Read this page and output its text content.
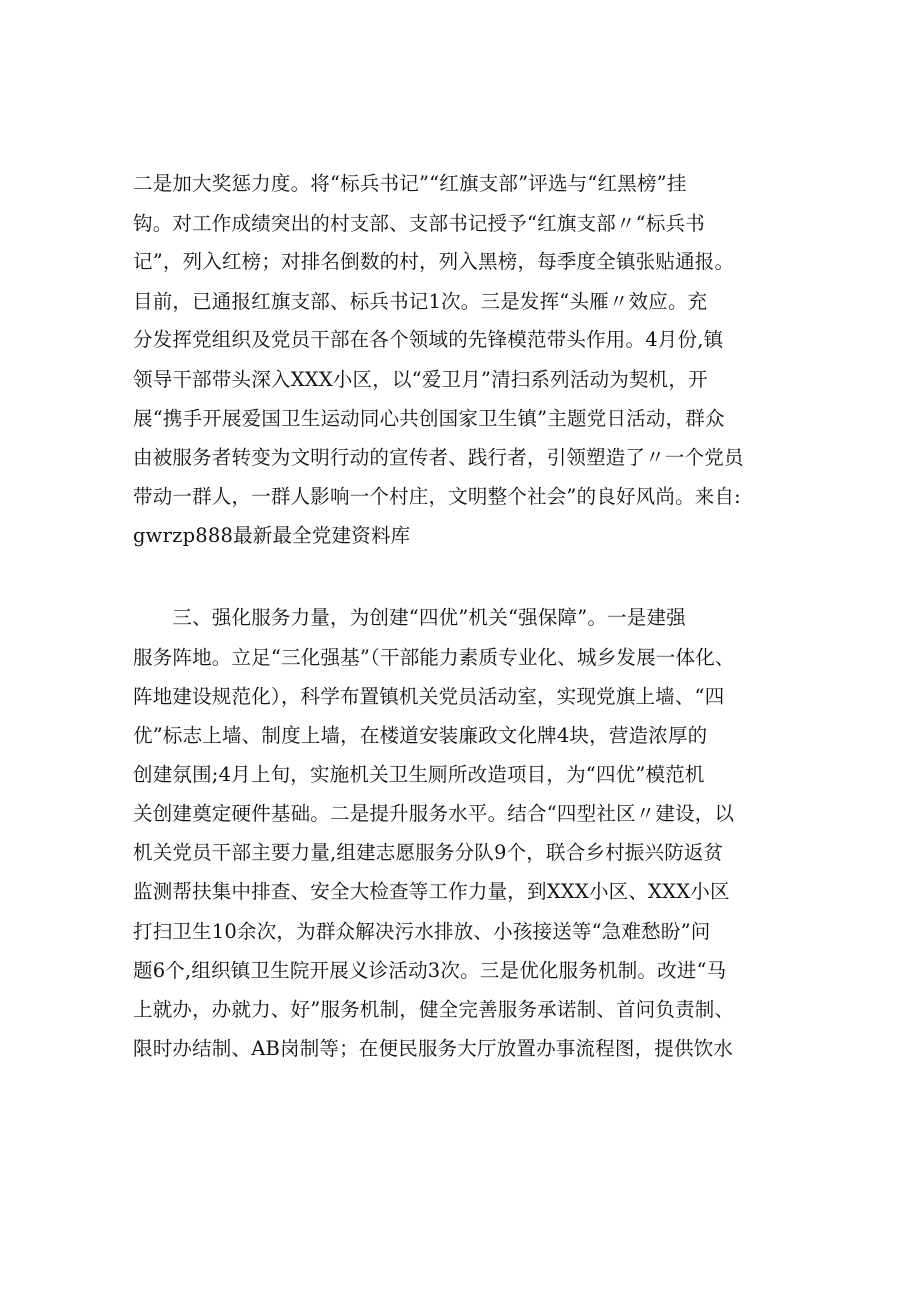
二是加大奖惩力度。将“标兵书记”“红旗支部”评选与“红黑榜”挂
钩。对工作成绩突出的村支部、支部书记授予“红旗支部〃“标兵书
记”，列入红榜；对排名倒数的村，列入黑榜，每季度全镇张贴通报。
目前，已通报红旗支部、标兵书记1次。三是发挥“头雁〃效应。充
分发挥党组织及党员干部在各个领域的先锋模范带头作用。4月份,镇
领导干部带头深入XXX小区，以“爱卫月”清扫系列活动为契机，开
展“携手开展爱国卫生运动同心共创国家卫生镇”主题党日活动，群众
由被服务者转变为文明行动的宣传者、践行者，引领塑造了〃一个党员
带动一群人，一群人影响一个村庄，文明整个社会”的良好风尚。来自:
gwrzp888最新最全党建资料库
　　三、强化服务力量，为创建“四优”机关“强保障”。一是建强
服务阵地。立足“三化强基”（干部能力素质专业化、城乡发展一体化、
阵地建设规范化），科学布置镇机关党员活动室，实现党旗上墙、“四
优”标志上墙、制度上墙，在楼道安装廉政文化牌4块，营造浓厚的
创建氛围;4月上旬，实施机关卫生厕所改造项目，为“四优”模范机
关创建奠定硬件基础。二是提升服务水平。结合“四型社区〃建设，以
机关党员干部主要力量,组建志愿服务分队9个，联合乡村振兴防返贫
监测帮扶集中排查、安全大检查等工作力量，到XXX小区、XXX小区
打扫卫生10余次，为群众解决污水排放、小孩接送等“急难愁盼”问
题6个,组织镇卫生院开展义诊活动3次。三是优化服务机制。改进“马
上就办，办就力、好”服务机制，健全完善服务承诺制、首问负责制、
限时办结制、AB岗制等；在便民服务大厅放置办事流程图，提供饮水
